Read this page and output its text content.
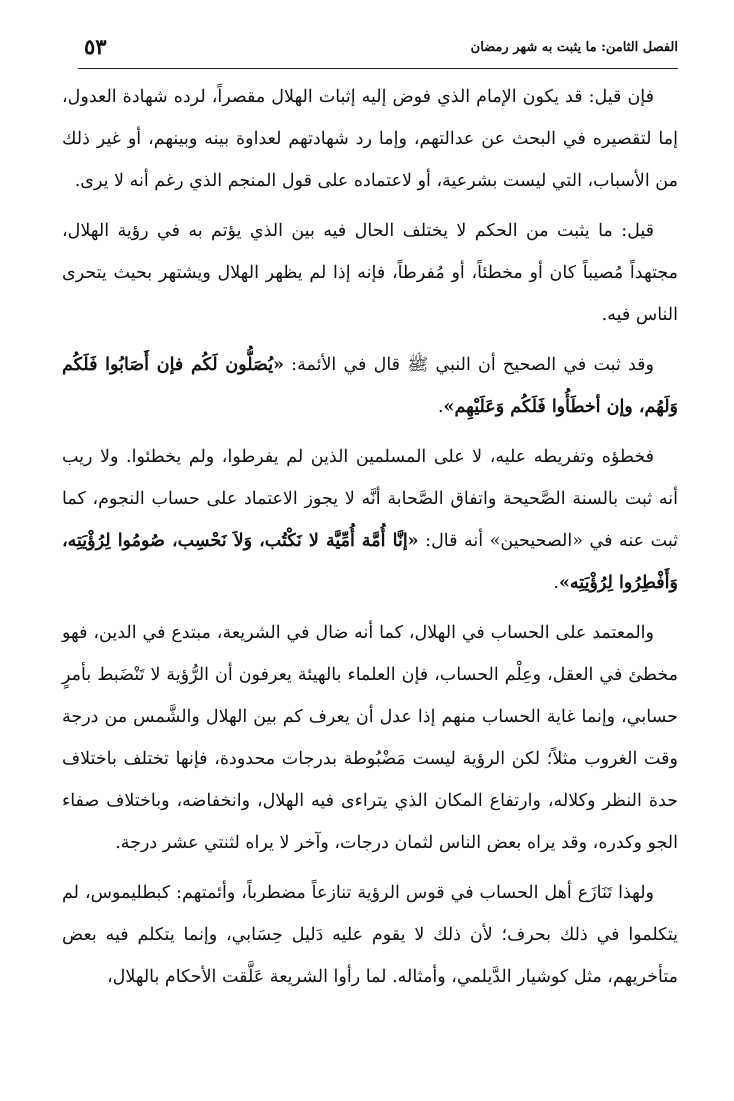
الفصل الثامن: ما يثبت به شهر رمضان
٥٣

فإن قيل: قد يكون الإمام الذي فوض إليه إثبات الهلال مقصراً، لرده شهادة العدول، إما لتقصيره في البحث عن عدالتهم، وإما رد شهادتهم لعداوة بينه وبينهم، أو غير ذلك من الأسباب، التي ليست بشرعية، أو لاعتماده على قول المنجم الذي رغم أنه لا يرى.

قيل: ما يثبت من الحكم لا يختلف الحال فيه بين الذي يؤتم به في رؤية الهلال، مجتهداً مُصيباً كان أو مخطئاً، أو مُفرطاً، فإنه إذا لم يظهر الهلال ويشتهر بحيث يتحرى الناس فيه.

وقد ثبت في الصحيح أن النبي ﷺ قال في الأئمة: «يُصَلُّون لَكُم فإن أَصَابُوا فَلَكُم وَلَهُم، وإن أخطَأُوا فَلَكُم وَعَلَيْهِم».

فخطؤه وتفريطه عليه، لا على المسلمين الذين لم يفرطوا، ولم يخطئوا. ولا ريب أنه ثبت بالسنة الصَّحيحة واتفاق الصَّحابة أنَّه لا يجوز الاعتماد على حساب النجوم، كما ثبت عنه في «الصحيحين» أنه قال: «إنَّا أُمَّة أُمِّيَّة لا نَكْتُب، وَلاَ نَحْسِب، صُومُوا لِرُؤْيَتِه، وَأَفْطِرُوا لِرُؤْيَتِه».

والمعتمد على الحساب في الهلال، كما أنه ضال في الشريعة، مبتدع في الدين، فهو مخطئ في العقل، وعِلْم الحساب، فإن العلماء بالهيئة يعرفون أن الرُّؤية لا تَنْضَبط بأمرٍ حسابي، وإنما غاية الحساب منهم إذا عدل أن يعرف كم بين الهلال والشَّمس من درجة وقت الغروب مثلاً؛ لكن الرؤية ليست مَضْبُوطة بدرجات محدودة، فإنها تختلف باختلاف حدة النظر وكلاله، وارتفاع المكان الذي يتراءى فيه الهلال، وانخفاضه، وباختلاف صفاء الجو وكدره، وقد يراه بعض الناس لثمان درجات، وآخر لا يراه لثنتي عشر درجة.

ولهذا تَنَازَع أهل الحساب في قوس الرؤية تنازعاً مضطرباً، وأئمتهم: كبطليموس، لم يتكلموا في ذلك بحرف؛ لأن ذلك لا يقوم عليه دَليل حِسَابي، وإنما يتكلم فيه بعض متأخريهم، مثل كوشيار الدَّيلمي، وأمثاله. لما رأوا الشريعة عَلَّقت الأحكام بالهلال،
